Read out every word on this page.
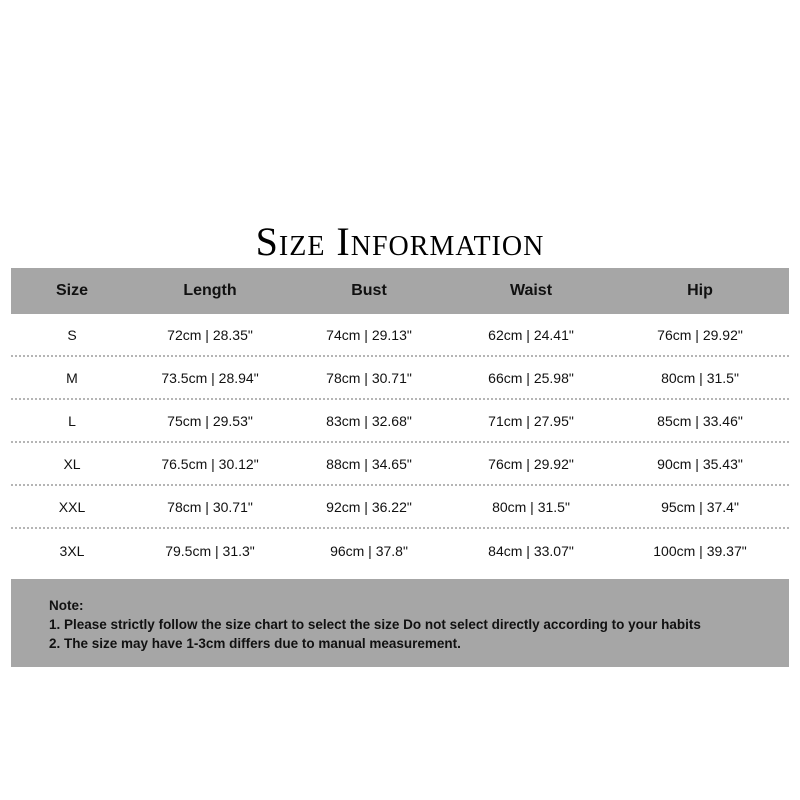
Size Information
Size	Length	Bust	Waist	Hip
S	72cm | 28.35"	74cm | 29.13"	62cm | 24.41"	76cm | 29.92"
M	73.5cm | 28.94"	78cm | 30.71"	66cm | 25.98"	80cm | 31.5"
L	75cm | 29.53"	83cm | 32.68"	71cm | 27.95"	85cm | 33.46"
XL	76.5cm | 30.12"	88cm | 34.65"	76cm | 29.92"	90cm | 35.43"
XXL	78cm | 30.71"	92cm | 36.22"	80cm | 31.5"	95cm | 37.4"
3XL	79.5cm | 31.3"	96cm | 37.8"	84cm | 33.07"	100cm | 39.37"
Note:
1. Please strictly follow the size chart to select the size Do not select directly according to your habits
2. The size may have 1-3cm differs due to manual measurement.
